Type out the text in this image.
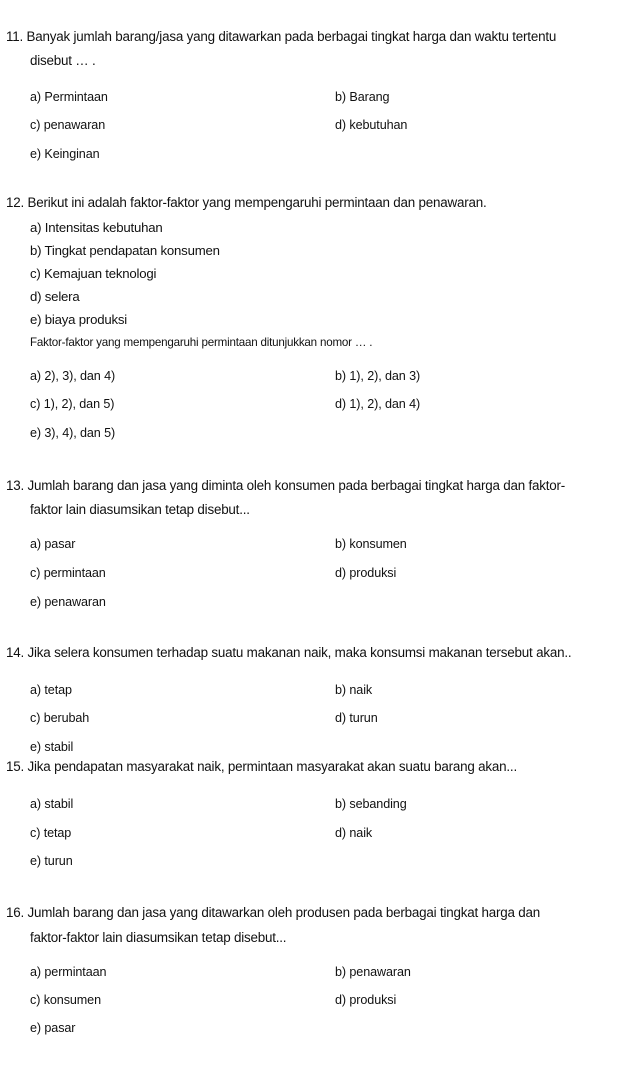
11. Banyak jumlah barang/jasa yang ditawarkan pada berbagai tingkat harga dan waktu tertentu
disebut … .
a) Permintaan	b) Barang
c) penawaran	d) kebutuhan
e) Keinginan
12. Berikut ini adalah faktor-faktor yang mempengaruhi permintaan dan penawaran.
a) Intensitas kebutuhan
b) Tingkat pendapatan konsumen
c) Kemajuan teknologi
d) selera
e) biaya produksi
Faktor-faktor yang mempengaruhi permintaan ditunjukkan nomor … .
a) 2), 3), dan 4)	b) 1), 2), dan 3)
c) 1), 2), dan 5)	d) 1), 2), dan 4)
e) 3), 4), dan 5)
13. Jumlah barang dan jasa yang diminta oleh konsumen pada berbagai tingkat harga dan faktor-
faktor lain diasumsikan tetap disebut...
a) pasar	b) konsumen
c) permintaan	d) produksi
e) penawaran
14. Jika selera konsumen terhadap suatu makanan naik, maka konsumsi makanan tersebut akan..
a) tetap	b) naik
c) berubah	d) turun
e) stabil
15. Jika pendapatan masyarakat naik, permintaan masyarakat akan suatu barang akan...
a) stabil	b) sebanding
c) tetap	d) naik
e) turun
16. Jumlah barang dan jasa yang ditawarkan oleh produsen pada berbagai tingkat harga dan
faktor-faktor lain diasumsikan tetap disebut...
a) permintaan	b) penawaran
c) konsumen	d) produksi
e) pasar
